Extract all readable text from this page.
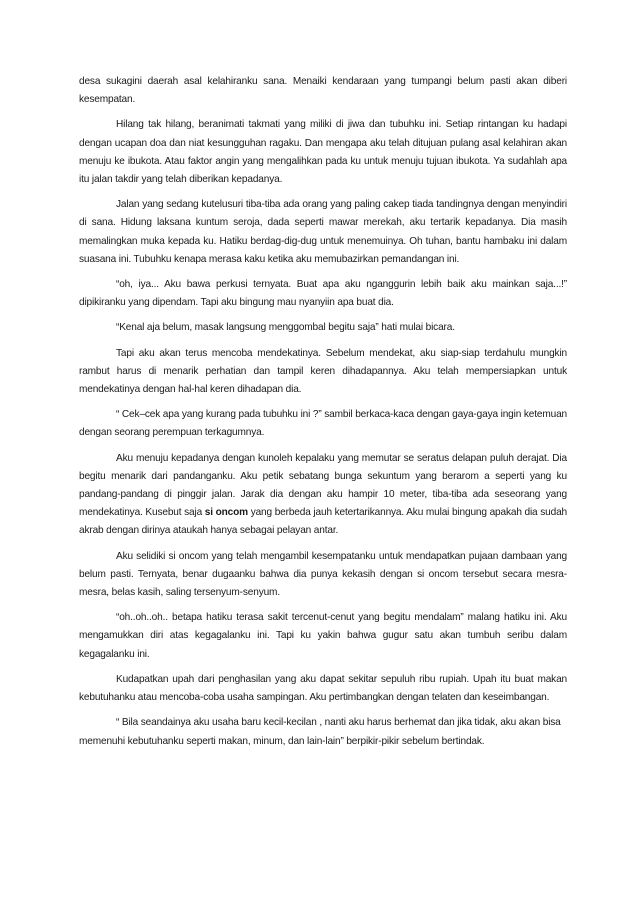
desa sukagini daerah asal kelahiranku sana. Menaiki kendaraan yang tumpangi belum pasti akan diberi kesempatan.

Hilang tak hilang, beranimati takmati yang miliki di jiwa dan tubuhku ini. Setiap rintangan ku hadapi dengan ucapan doa dan niat kesungguhan ragaku. Dan mengapa aku telah ditujuan pulang asal kelahiran akan menuju ke ibukota. Atau faktor angin yang mengalihkan pada ku untuk menuju tujuan ibukota. Ya sudahlah apa itu jalan takdir yang telah diberikan kepadanya.

Jalan yang sedang kutelusuri tiba-tiba ada orang yang paling cakep tiada tandingnya dengan menyindiri di sana. Hidung laksana kuntum seroja, dada seperti mawar merekah, aku tertarik kepadanya. Dia masih memalingkan muka kepada ku. Hatiku berdag-dig-dug untuk menemuinya. Oh tuhan, bantu hambaku ini dalam suasana ini. Tubuhku kenapa merasa kaku ketika aku memubazirkan pemandangan ini.

“oh, iya... Aku bawa perkusi ternyata. Buat apa aku nganggurin lebih baik aku mainkan saja...!” dipikiranku yang dipendam. Tapi aku bingung mau nyanyiin apa buat dia.

“Kenal aja belum, masak langsung menggombal begitu saja” hati mulai bicara.

Tapi aku akan terus mencoba mendekatinya. Sebelum mendekat, aku siap-siap terdahulu mungkin rambut harus di menarik perhatian dan tampil keren dihadapannya. Aku telah mempersiapkan untuk mendekatinya dengan hal-hal keren dihadapan dia.

“ Cek–cek apa yang kurang pada tubuhku ini ?” sambil berkaca-kaca dengan gaya-gaya ingin ketemuan dengan seorang perempuan terkagumnya.

Aku menuju kepadanya dengan kunoleh kepalaku yang memutar se seratus delapan puluh derajat. Dia begitu menarik dari pandanganku. Aku petik sebatang bunga sekuntum yang berarom a seperti yang ku pandang-pandang di pinggir jalan. Jarak dia dengan aku hampir 10 meter, tiba-tiba ada seseorang yang mendekatinya. Kusebut saja si oncom yang berbeda jauh ketertarikannya. Aku mulai bingung apakah dia sudah akrab dengan dirinya ataukah hanya sebagai pelayan antar.

Aku selidiki si oncom yang telah mengambil kesempatanku untuk mendapatkan pujaan dambaan yang belum pasti. Ternyata, benar dugaanku bahwa dia punya kekasih dengan si oncom tersebut secara mesra-mesra, belas kasih, saling tersenyum-senyum.

“oh..oh..oh.. betapa hatiku terasa sakit tercenut-cenut yang begitu mendalam” malang hatiku ini. Aku mengamukkan diri atas kegagalanku ini. Tapi ku yakin bahwa gugur satu akan tumbuh seribu dalam kegagalanku ini.

Kudapatkan upah dari penghasilan yang aku dapat sekitar sepuluh ribu rupiah. Upah itu buat makan kebutuhanku atau mencoba-coba usaha sampingan. Aku pertimbangkan dengan telaten dan keseimbangan.

“ Bila seandainya aku usaha baru kecil-kecilan , nanti aku harus berhemat dan jika tidak, aku akan bisa memenuhi kebutuhanku seperti makan, minum, dan lain-lain” berpikir-pikir sebelum bertindak.
